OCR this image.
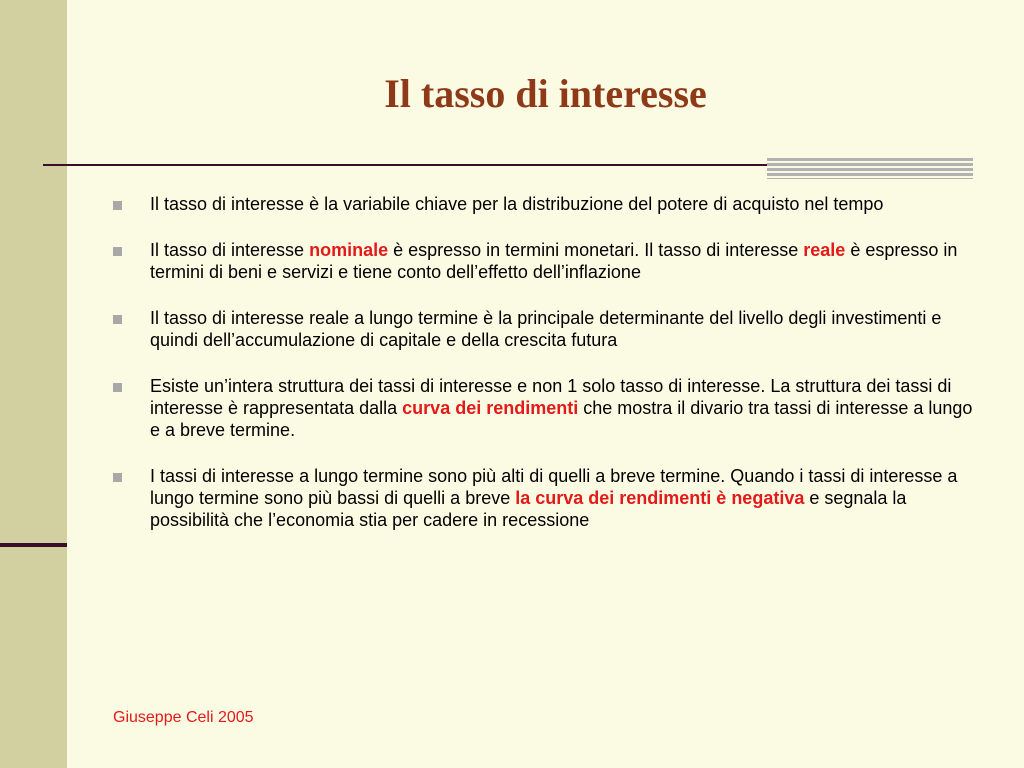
Il tasso di interesse
Il tasso di interesse è la variabile chiave per la distribuzione del potere di acquisto nel tempo
Il tasso di interesse nominale è espresso in termini monetari. Il tasso di interesse reale è espresso in termini di beni e servizi e tiene conto dell’effetto dell’inflazione
Il tasso di interesse reale a lungo termine è la principale determinante del livello degli investimenti e quindi dell’accumulazione di capitale e della crescita futura
Esiste un’intera struttura dei tassi di interesse e non 1 solo tasso di interesse. La struttura dei tassi di interesse è rappresentata dalla curva dei rendimenti che mostra il divario tra tassi di interesse a lungo e a breve termine.
I tassi di interesse a lungo termine sono più alti di quelli a breve termine. Quando i tassi di interesse a lungo termine sono più bassi di quelli a breve la curva dei rendimenti è negativa e segnala la possibilità che l’economia stia per cadere in recessione
Giuseppe Celi 2005
